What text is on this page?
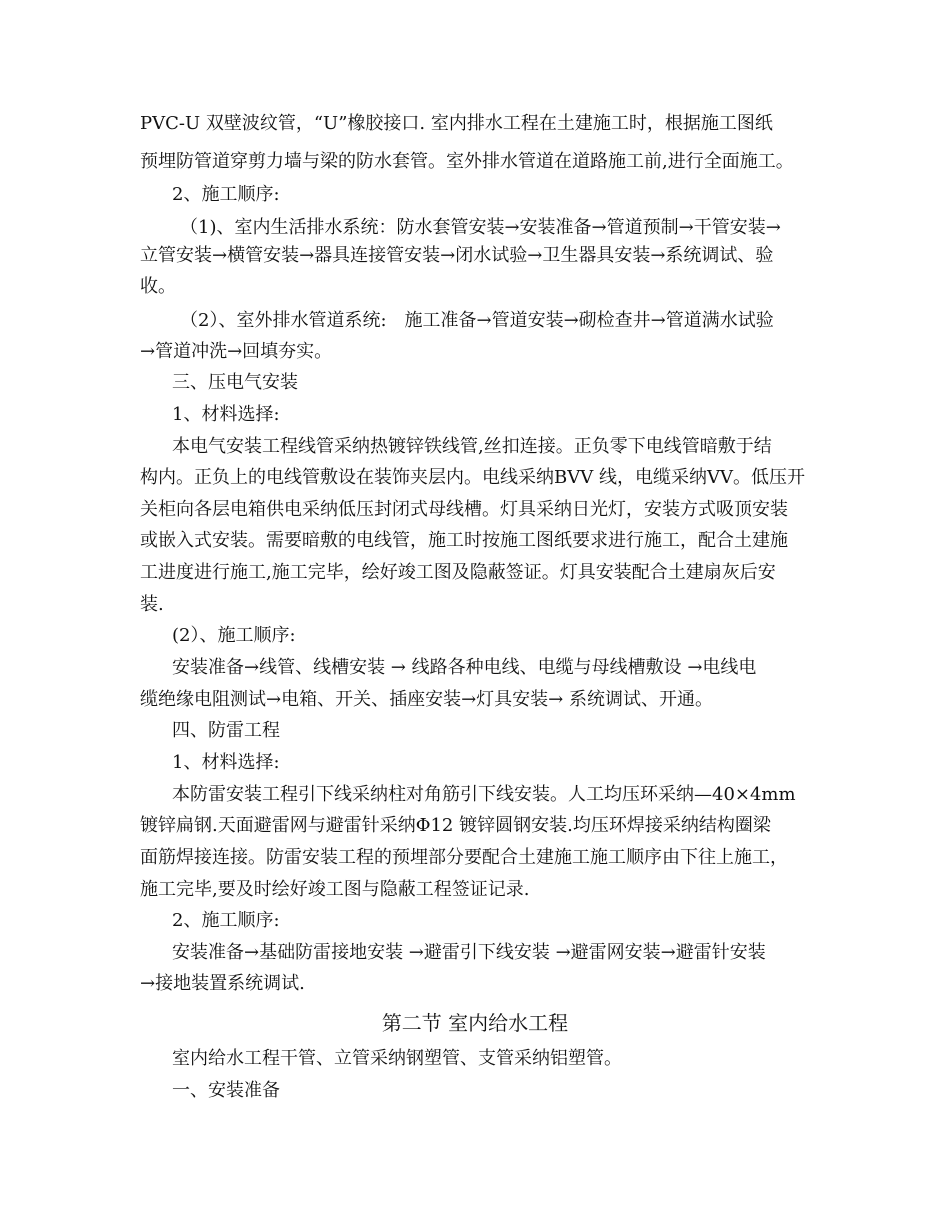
PVC-U 双壁波纹管，“U”橡胶接口. 室内排水工程在土建施工时，根据施工图纸
预埋防管道穿剪力墙与梁的防水套管。室外排水管道在道路施工前,进行全面施工。
2、施工顺序:
（1)、室内生活排水系统：防水套管安装→安装准备→管道预制→干管安装→
立管安装→横管安装→器具连接管安装→闭水试验→卫生器具安装→系统调试、验
收。
（2）、室外排水管道系统:　施工准备→管道安装→砌检查井→管道满水试验
→管道冲洗→回填夯实。
三、压电气安装
1、材料选择:
本电气安装工程线管采纳热镀锌铁线管,丝扣连接。正负零下电线管暗敷于结
构内。正负上的电线管敷设在装饰夹层内。电线采纳BVV 线，电缆采纳VV。低压开
关柜向各层电箱供电采纳低压封闭式母线槽。灯具采纳日光灯，安装方式吸顶安装
或嵌入式安装。需要暗敷的电线管，施工时按施工图纸要求进行施工，配合土建施
工进度进行施工,施工完毕，绘好竣工图及隐蔽签证。灯具安装配合土建扇灰后安
装.
(2）、施工顺序:
安装准备→线管、线槽安装 → 线路各种电线、电缆与母线槽敷设 →电线电
缆绝缘电阻测试→电箱、开关、插座安装→灯具安装→ 系统调试、开通。
四、防雷工程
1、材料选择:
本防雷安装工程引下线采纳柱对角筋引下线安装。人工均压环采纳—40×4mm
镀锌扁钢.天面避雷网与避雷针采纳Φ12 镀锌圆钢安装.均压环焊接采纳结构圈梁
面筋焊接连接。防雷安装工程的预埋部分要配合土建施工施工顺序由下往上施工，
施工完毕,要及时绘好竣工图与隐蔽工程签证记录.
2、施工顺序:
安装准备→基础防雷接地安装 →避雷引下线安装 →避雷网安装→避雷针安装
→接地装置系统调试.
第二节 室内给水工程
室内给水工程干管、立管采纳钢塑管、支管采纳铝塑管。
一、安装准备
